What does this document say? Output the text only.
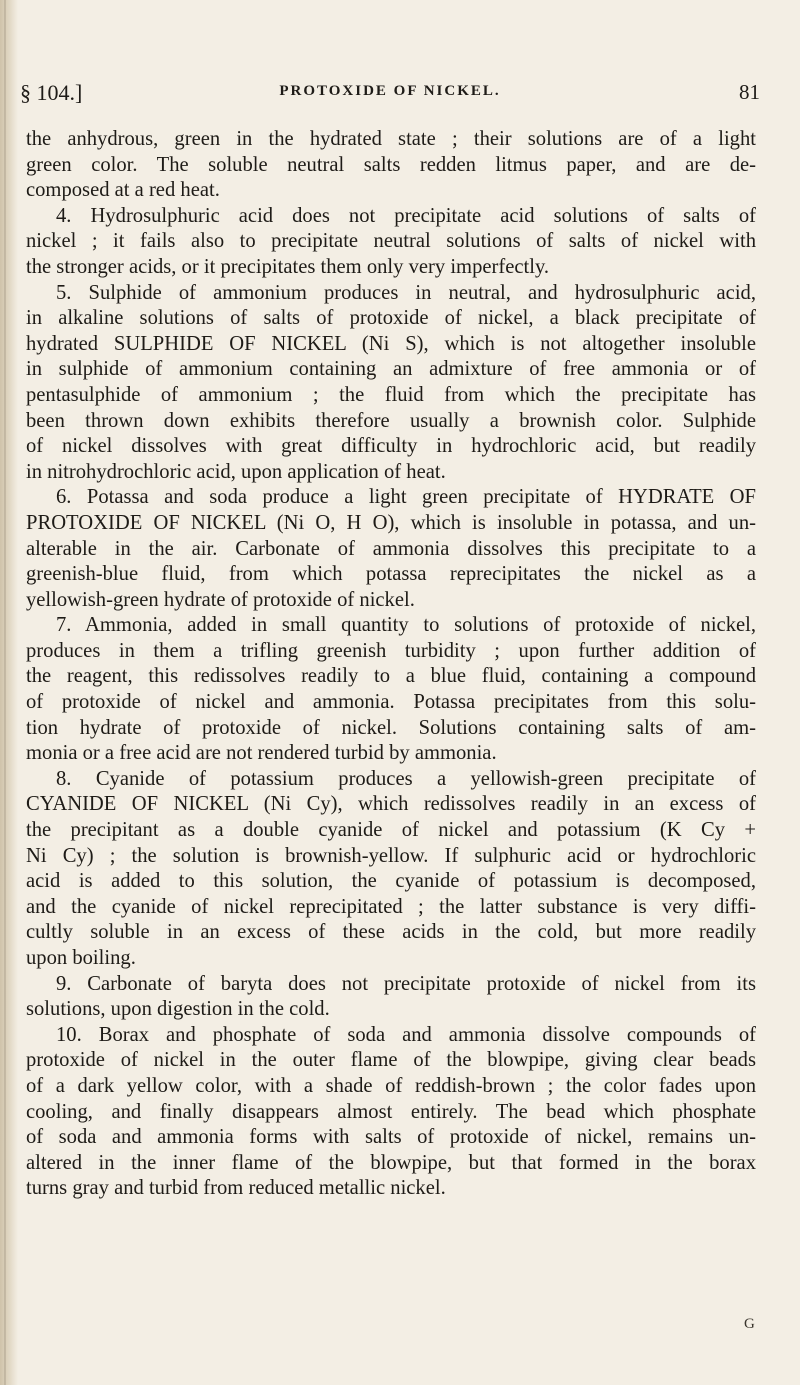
§ 104.]	PROTOXIDE OF NICKEL.	81
the anhydrous, green in the hydrated state ; their solutions are of a light
green color. The soluble neutral salts redden litmus paper, and are de-
composed at a red heat.
4. Hydrosulphuric acid does not precipitate acid solutions of salts of
nickel ; it fails also to precipitate neutral solutions of salts of nickel with
the stronger acids, or it precipitates them only very imperfectly.
5. Sulphide of ammonium produces in neutral, and hydrosulphuric acid,
in alkaline solutions of salts of protoxide of nickel, a black precipitate of
hydrated SULPHIDE OF NICKEL (Ni S), which is not altogether insoluble
in sulphide of ammonium containing an admixture of free ammonia or of
pentasulphide of ammonium ; the fluid from which the precipitate has
been thrown down exhibits therefore usually a brownish color. Sulphide
of nickel dissolves with great difficulty in hydrochloric acid, but readily
in nitrohydrochloric acid, upon application of heat.
6. Potassa and soda produce a light green precipitate of HYDRATE OF
PROTOXIDE OF NICKEL (Ni O, H O), which is insoluble in potassa, and un-
alterable in the air. Carbonate of ammonia dissolves this precipitate to a
greenish-blue fluid, from which potassa reprecipitates the nickel as a
yellowish-green hydrate of protoxide of nickel.
7. Ammonia, added in small quantity to solutions of protoxide of nickel,
produces in them a trifling greenish turbidity ; upon further addition of
the reagent, this redissolves readily to a blue fluid, containing a compound
of protoxide of nickel and ammonia. Potassa precipitates from this solu-
tion hydrate of protoxide of nickel. Solutions containing salts of am-
monia or a free acid are not rendered turbid by ammonia.
8. Cyanide of potassium produces a yellowish-green precipitate of
CYANIDE OF NICKEL (Ni Cy), which redissolves readily in an excess of
the precipitant as a double cyanide of nickel and potassium (K Cy +
Ni Cy) ; the solution is brownish-yellow. If sulphuric acid or hydrochloric
acid is added to this solution, the cyanide of potassium is decomposed,
and the cyanide of nickel reprecipitated ; the latter substance is very diffi-
cultly soluble in an excess of these acids in the cold, but more readily
upon boiling.
9. Carbonate of baryta does not precipitate protoxide of nickel from its
solutions, upon digestion in the cold.
10. Borax and phosphate of soda and ammonia dissolve compounds of
protoxide of nickel in the outer flame of the blowpipe, giving clear beads
of a dark yellow color, with a shade of reddish-brown ; the color fades upon
cooling, and finally disappears almost entirely. The bead which phosphate
of soda and ammonia forms with salts of protoxide of nickel, remains un-
altered in the inner flame of the blowpipe, but that formed in the borax
turns gray and turbid from reduced metallic nickel.
G
